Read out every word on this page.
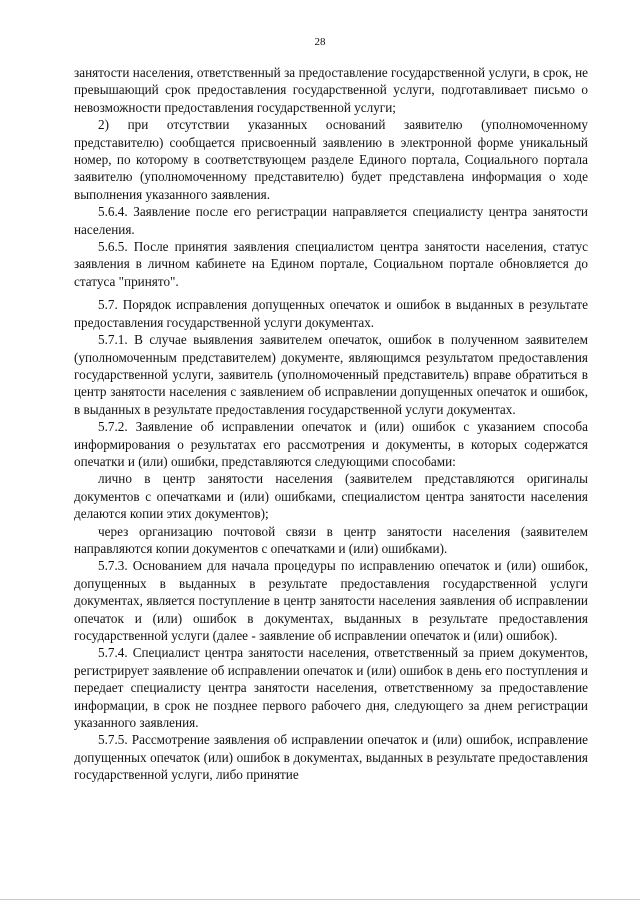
28

занятости населения, ответственный за предоставление государственной услуги, в срок, не превышающий срок предоставления государственной услуги, подготавливает письмо о невозможности предоставления государственной услуги;

2) при отсутствии указанных оснований заявителю (уполномоченному представителю) сообщается присвоенный заявлению в электронной форме уникальный номер, по которому в соответствующем разделе Единого портала, Социального портала заявителю (уполномоченному представителю) будет представлена информация о ходе выполнения указанного заявления.

5.6.4. Заявление после его регистрации направляется специалисту центра занятости населения.

5.6.5. После принятия заявления специалистом центра занятости населения, статус заявления в личном кабинете на Едином портале, Социальном портале обновляется до статуса "принято".

5.7. Порядок исправления допущенных опечаток и ошибок в выданных в результате предоставления государственной услуги документах.

5.7.1. В случае выявления заявителем опечаток, ошибок в полученном заявителем (уполномоченным представителем) документе, являющимся результатом предоставления государственной услуги, заявитель (уполномоченный представитель) вправе обратиться в центр занятости населения с заявлением об исправлении допущенных опечаток и ошибок, в выданных в результате предоставления государственной услуги документах.

5.7.2. Заявление об исправлении опечаток и (или) ошибок с указанием способа информирования о результатах его рассмотрения и документы, в которых содержатся опечатки и (или) ошибки, представляются следующими способами:

лично в центр занятости населения (заявителем представляются оригиналы документов с опечатками и (или) ошибками, специалистом центра занятости населения делаются копии этих документов);

через организацию почтовой связи в центр занятости населения (заявителем направляются копии документов с опечатками и (или) ошибками).

5.7.3. Основанием для начала процедуры по исправлению опечаток и (или) ошибок, допущенных в выданных в результате предоставления государственной услуги документах, является поступление в центр занятости населения заявления об исправлении опечаток и (или) ошибок в документах, выданных в результате предоставления государственной услуги (далее - заявление об исправлении опечаток и (или) ошибок).

5.7.4. Специалист центра занятости населения, ответственный за прием документов, регистрирует заявление об исправлении опечаток и (или) ошибок в день его поступления и передает специалисту центра занятости населения, ответственному за предоставление информации, в срок не позднее первого рабочего дня, следующего за днем регистрации указанного заявления.

5.7.5. Рассмотрение заявления об исправлении опечаток и (или) ошибок, исправление допущенных опечаток (или) ошибок в документах, выданных в результате предоставления государственной услуги, либо принятие
